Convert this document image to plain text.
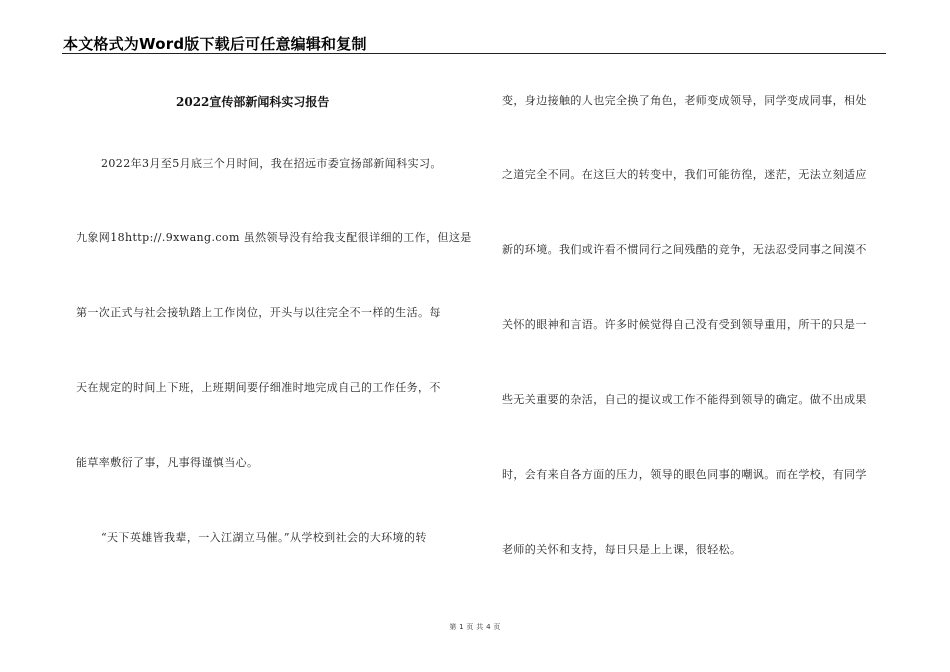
本文格式为Word版下载后可任意编辑和复制
2022宣传部新闻科实习报告
2022年3月至5月底三个月时间，我在招远市委宣扬部新闻科实习。
九象网18http://.9xwang.com 虽然领导没有给我支配很详细的工作，但这是
第一次正式与社会接轨踏上工作岗位，开头与以往完全不一样的生活。每
天在规定的时间上下班，上班期间要仔细准时地完成自己的工作任务，不
能草率敷衍了事，凡事得谨慎当心。
“天下英雄皆我辈，一入江湖立马催。”从学校到社会的大环境的转
变，身边接触的人也完全换了角色，老师变成领导，同学变成同事，相处
之道完全不同。在这巨大的转变中，我们可能彷徨，迷茫，无法立刻适应
新的环境。我们或许看不惯同行之间残酷的竞争，无法忍受同事之间漠不
关怀的眼神和言语。许多时候觉得自己没有受到领导重用，所干的只是一
些无关重要的杂活，自己的提议或工作不能得到领导的确定。做不出成果
时，会有来自各方面的压力，领导的眼色同事的嘲讽。而在学校，有同学
老师的关怀和支持，每日只是上上课，很轻松。
第 1 页 共 4 页
